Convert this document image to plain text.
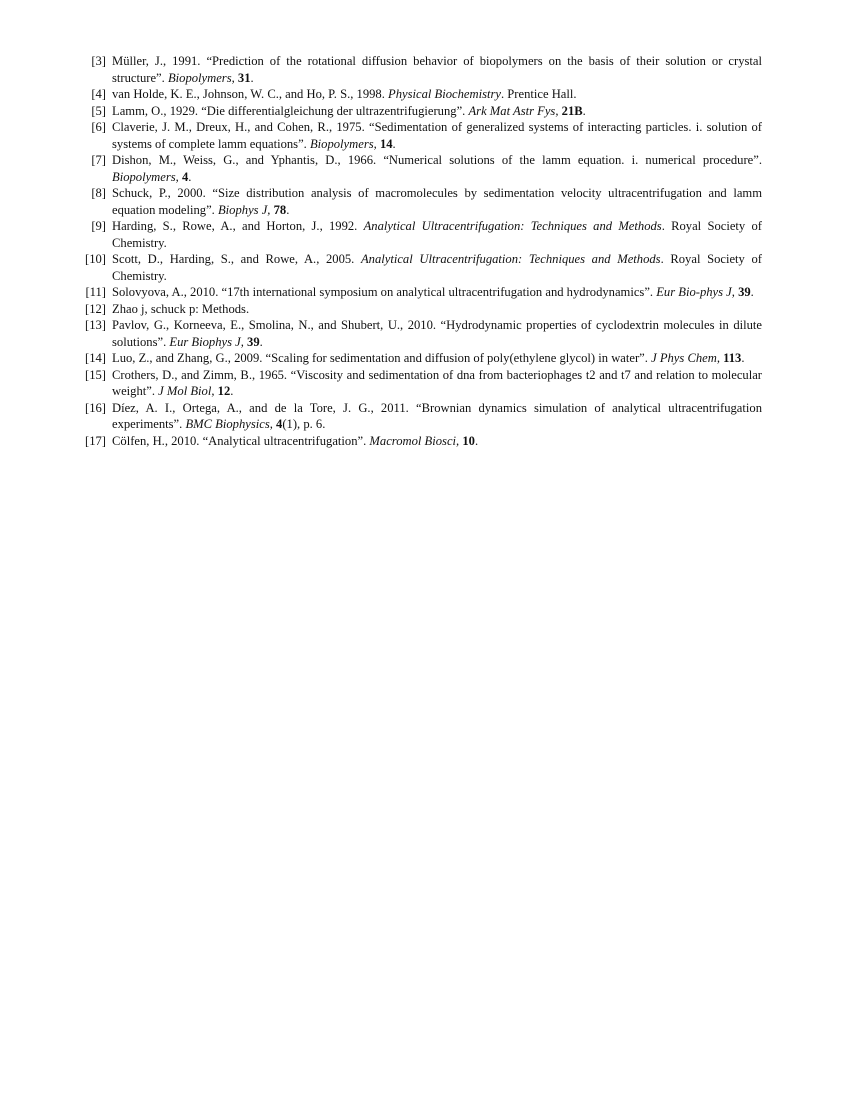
[3] Müller, J., 1991. “Prediction of the rotational diffusion behavior of biopolymers on the basis of their solution or crystal structure”. Biopolymers, 31.
[4] van Holde, K. E., Johnson, W. C., and Ho, P. S., 1998. Physical Biochemistry. Prentice Hall.
[5] Lamm, O., 1929. “Die differentialgleichung der ultrazentrifugierung”. Ark Mat Astr Fys, 21B.
[6] Claverie, J. M., Dreux, H., and Cohen, R., 1975. “Sedimentation of generalized systems of interacting particles. i. solution of systems of complete lamm equations”. Biopolymers, 14.
[7] Dishon, M., Weiss, G., and Yphantis, D., 1966. “Numerical solutions of the lamm equation. i. numerical procedure”. Biopolymers, 4.
[8] Schuck, P., 2000. “Size distribution analysis of macromolecules by sedimentation velocity ultracentrifugation and lamm equation modeling”. Biophys J, 78.
[9] Harding, S., Rowe, A., and Horton, J., 1992. Analytical Ultracentrifugation: Techniques and Methods. Royal Society of Chemistry.
[10] Scott, D., Harding, S., and Rowe, A., 2005. Analytical Ultracentrifugation: Techniques and Methods. Royal Society of Chemistry.
[11] Solovyova, A., 2010. “17th international symposium on analytical ultracentrifugation and hydrodynamics”. Eur Bio-phys J, 39.
[12] Zhao j, schuck p: Methods.
[13] Pavlov, G., Korneeva, E., Smolina, N., and Shubert, U., 2010. “Hydrodynamic properties of cyclodextrin molecules in dilute solutions”. Eur Biophys J, 39.
[14] Luo, Z., and Zhang, G., 2009. “Scaling for sedimentation and diffusion of poly(ethylene glycol) in water”. J Phys Chem, 113.
[15] Crothers, D., and Zimm, B., 1965. “Viscosity and sedimentation of dna from bacteriophages t2 and t7 and relation to molecular weight”. J Mol Biol, 12.
[16] Díez, A. I., Ortega, A., and de la Tore, J. G., 2011. “Brownian dynamics simulation of analytical ultracentrifugation experiments”. BMC Biophysics, 4(1), p. 6.
[17] Cölfen, H., 2010. “Analytical ultracentrifugation”. Macromol Biosci, 10.
